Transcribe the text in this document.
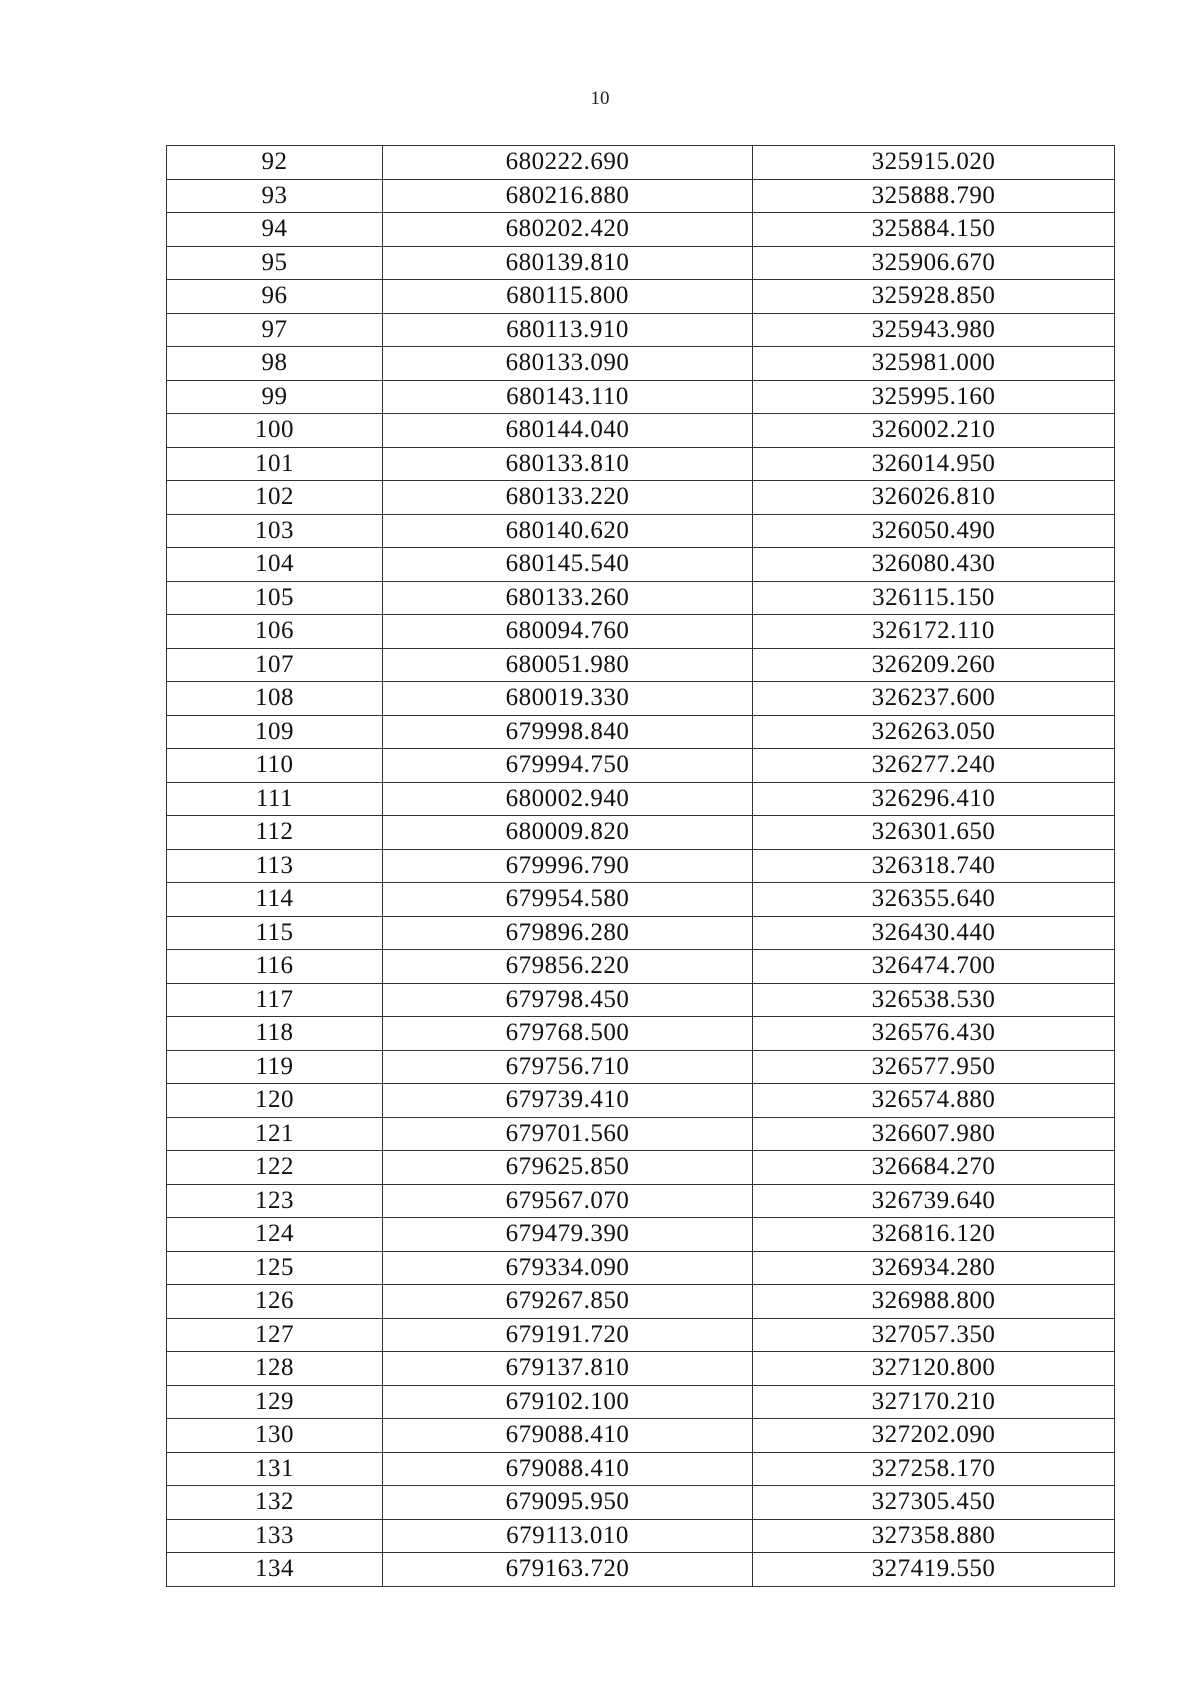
10
92	680222.690	325915.020
93	680216.880	325888.790
94	680202.420	325884.150
95	680139.810	325906.670
96	680115.800	325928.850
97	680113.910	325943.980
98	680133.090	325981.000
99	680143.110	325995.160
100	680144.040	326002.210
101	680133.810	326014.950
102	680133.220	326026.810
103	680140.620	326050.490
104	680145.540	326080.430
105	680133.260	326115.150
106	680094.760	326172.110
107	680051.980	326209.260
108	680019.330	326237.600
109	679998.840	326263.050
110	679994.750	326277.240
111	680002.940	326296.410
112	680009.820	326301.650
113	679996.790	326318.740
114	679954.580	326355.640
115	679896.280	326430.440
116	679856.220	326474.700
117	679798.450	326538.530
118	679768.500	326576.430
119	679756.710	326577.950
120	679739.410	326574.880
121	679701.560	326607.980
122	679625.850	326684.270
123	679567.070	326739.640
124	679479.390	326816.120
125	679334.090	326934.280
126	679267.850	326988.800
127	679191.720	327057.350
128	679137.810	327120.800
129	679102.100	327170.210
130	679088.410	327202.090
131	679088.410	327258.170
132	679095.950	327305.450
133	679113.010	327358.880
134	679163.720	327419.550
